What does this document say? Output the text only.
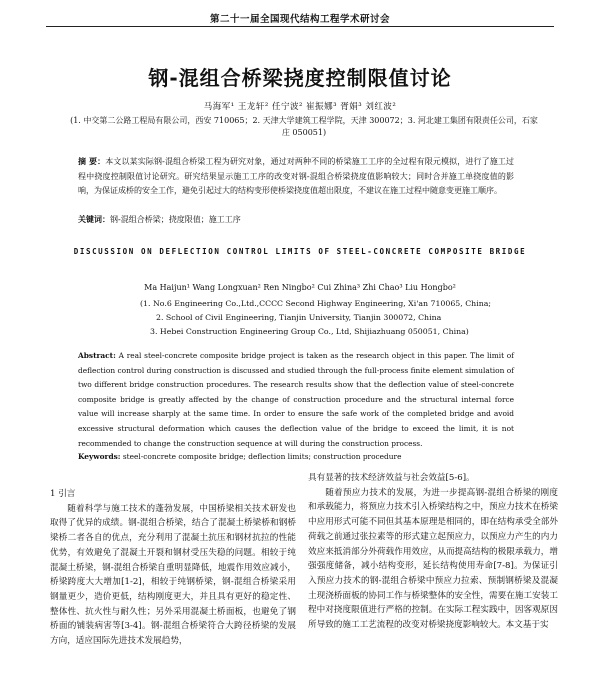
第二十一届全国现代结构工程学术研讨会
钢-混组合桥梁挠度控制限值讨论
马海军¹ 王龙轩² 任宁波² 崔振娜³ 胥娟³ 刘红波²
(1. 中交第二公路工程局有限公司，西安 710065；2. 天津大学建筑工程学院，天津 300072；3. 河北建工集团有限责任公司，石家庄 050051)
摘 要：本文以某实际钢-混组合桥梁工程为研究对象，通过对两种不同的桥梁施工工序的全过程有限元模拟，进行了施工过程中挠度控制限值讨论研究。研究结果显示施工工序的改变对钢-混组合桥梁挠度值影响较大；同时合并施工单挠度值的影响，为保证成桥的安全工作，避免引起过大的结构变形使桥梁挠度值超出限度，不建议在施工过程中随意变更施工顺序。
关键词：钢-混组合桥梁；挠度限值；施工工序
DISCUSSION ON DEFLECTION CONTROL LIMITS OF STEEL-CONCRETE COMPOSITE BRIDGE
Ma Haijun¹ Wang Longxuan² Ren Ningbo² Cui Zhina³ Zhi Chao³ Liu Hongbo²
(1. No.6 Engineering Co.,Ltd.,CCCC Second Highway Engineering, Xi'an 710065, China;
2. School of Civil Engineering, Tianjin University, Tianjin 300072, China
3. Hebei Construction Engineering Group Co., Ltd, Shijiazhuang 050051, China)
Abstract: A real steel-concrete composite bridge project is taken as the research object in this paper. The limit of deflection control during construction is discussed and studied through the full-process finite element simulation of two different bridge construction procedures. The research results show that the deflection value of steel-concrete composite bridge is greatly affected by the change of construction procedure and the structural internal force value will increase sharply at the same time. In order to ensure the safe work of the completed bridge and avoid excessive structural deformation which causes the deflection value of the bridge to exceed the limit, it is not recommended to change the construction sequence at will during the construction process.
Keywords: steel-concrete composite bridge; deflection limits; construction procedure
1 引言
随着科学与施工技术的蓬勃发展，中国桥梁相关技术研发也取得了优异的成绩。钢-混组合桥梁，结合了混凝土桥梁桥和钢桥梁桥二者各自的优点，充分利用了混凝土抗压和钢材抗拉的性能优势，有效避免了混凝土开裂和钢材受压失稳的问题。相较于纯混凝土桥梁，钢-混组合桥梁自重明显降低，地震作用效应减小，桥梁跨度大大增加[1-2]，相较于纯钢桥梁，钢-混组合桥梁采用钢量更少，造价更低，结构刚度更大，并且具有更好的稳定性、整体性、抗火性与耐久性；另外采用混凝土桥面板，也避免了钢桥面的铺装病害等[3-4]。钢-混组合桥梁符合大跨径桥梁的发展方向，适应国际先进技术发展趋势，
具有显著的技术经济效益与社会效益[5-6]。
随着预应力技术的发展，为进一步提高钢-混组合桥梁的刚度和承载能力，将预应力技术引入桥梁结构之中，预应力技术在桥梁中应用形式可能不同但其基本原理是相同的，即在结构承受全部外荷载之前通过张拉素等的形式建立起预应力，以预应力产生的内力效应来抵消部分外荷载作用效应，从而提高结构的极限承载力，增强强度储备，减小结构变形，延长结构使用寿命[7-8]。为保证引入预应力技术的钢-混组合桥梁中预应力拉索、预制钢桥梁及混凝土现浇桥面板的协同工作与桥梁整体的安全性，需要在施工安装工程中对挠度限值进行严格的控制。在实际工程实践中，因客观原因所导致的施工工艺流程的改变对桥梁挠度影响较大。本文基于实
